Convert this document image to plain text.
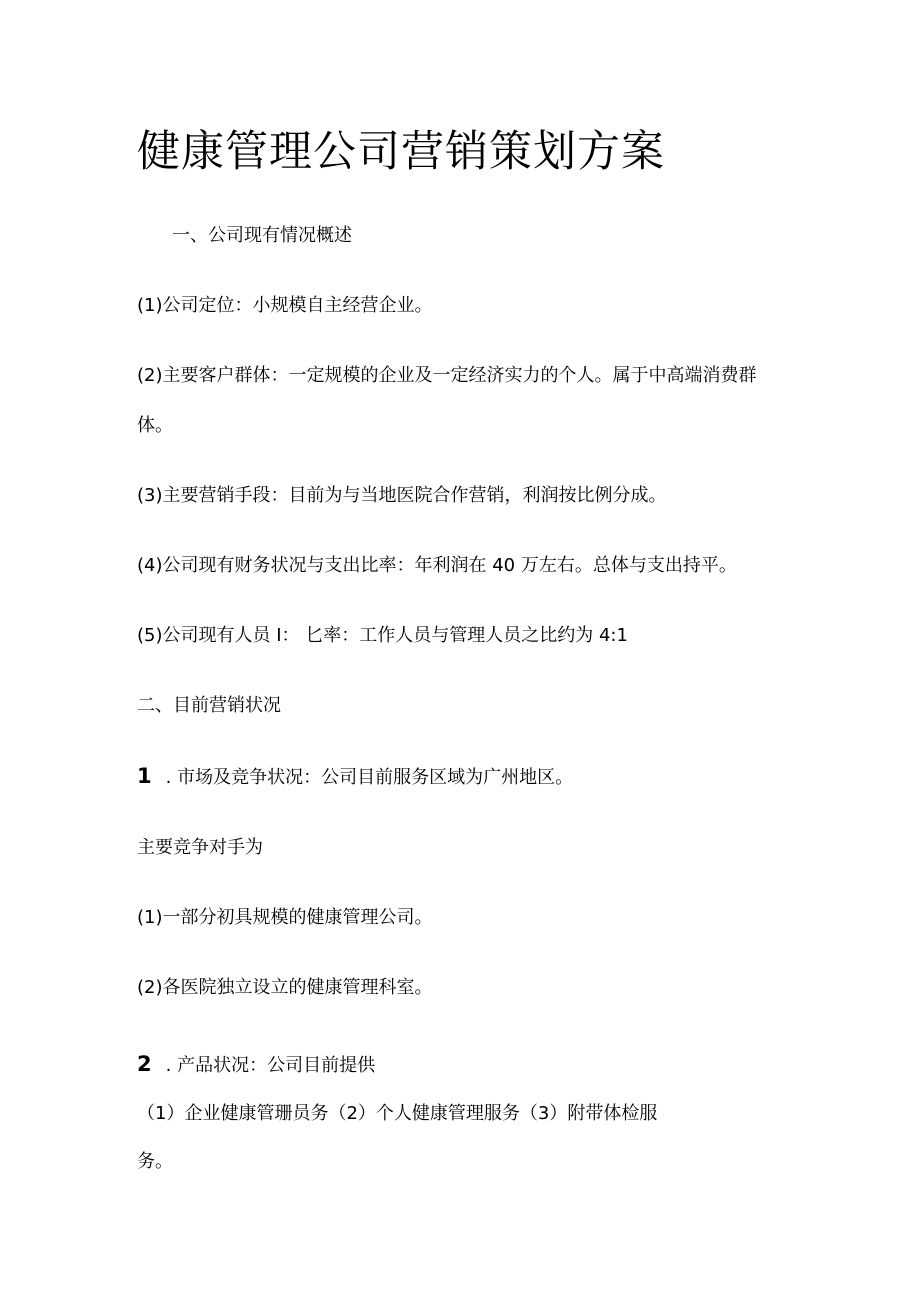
健康管理公司营销策划方案

一、公司现有情况概述

(1)公司定位：小规模自主经营企业。

(2)主要客户群体：一定规模的企业及一定经济实力的个人。属于中高端消费群

体。

(3)主要营销手段：目前为与当地医院合作营销，利润按比例分成。

(4)公司现有财务状况与支出比率：年利润在 40 万左右。总体与支出持平。

(5)公司现有人员 I： 匕率：工作人员与管理人员之比约为 4:1

二、目前营销状况

1 . 市场及竞争状况：公司目前服务区域为广州地区。

主要竞争对手为

(1)一部分初具规模的健康管理公司。

(2)各医院独立设立的健康管理科室。

2 . 产品状况：公司目前提供

（1）企业健康管珊员务（2）个人健康管理服务（3）附带体检服

务。
